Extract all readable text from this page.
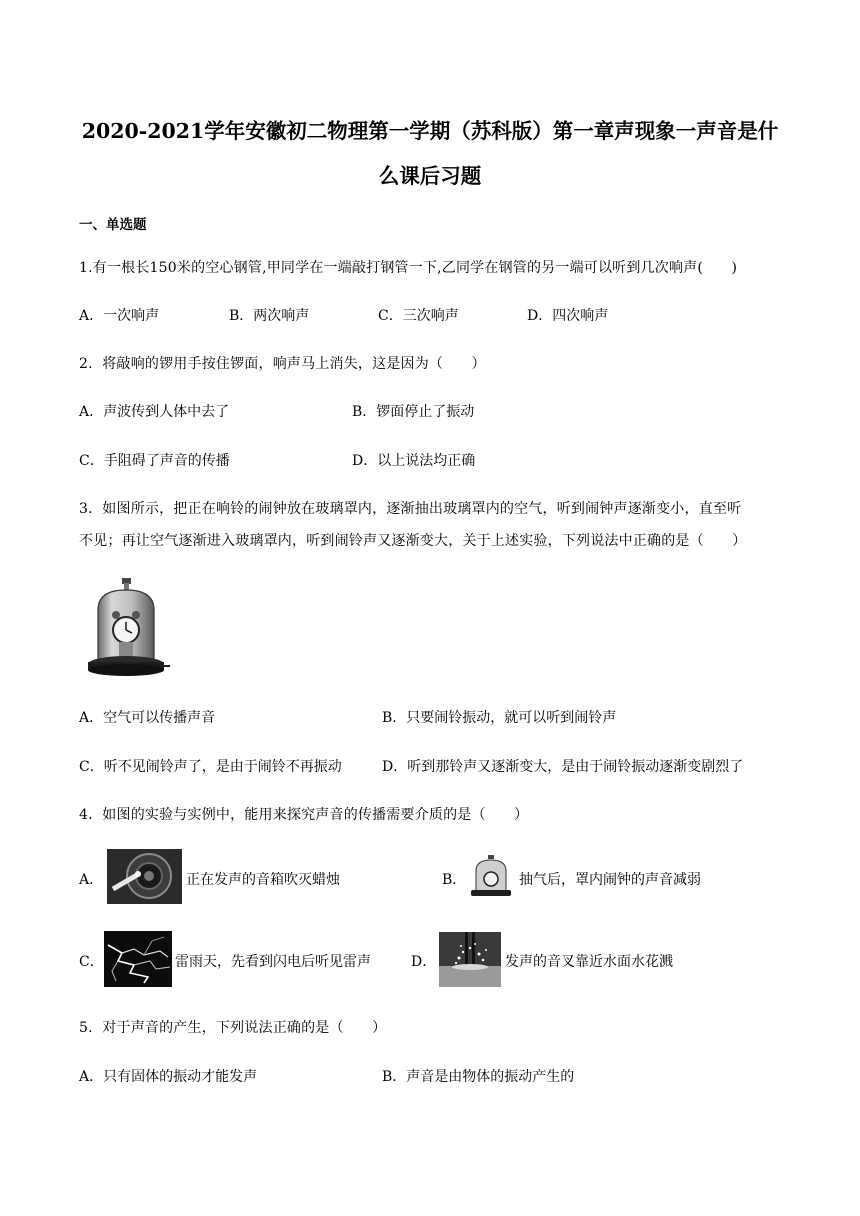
2020-2021学年安徽初二物理第一学期（苏科版）第一章声现象一声音是什
么课后习题
一、单选题
1.有一根长150米的空心钢管,甲同学在一端敲打钢管一下,乙同学在钢管的另一端可以听到几次响声(　　)
A．一次响声	B．两次响声	C．三次响声	D．四次响声
2．将敲响的锣用手按住锣面，响声马上消失，这是因为（　　）
A．声波传到人体中去了	B．锣面停止了振动
C．手阻碍了声音的传播	D．以上说法均正确
3．如图所示，把正在响铃的闹钟放在玻璃罩内，逐渐抽出玻璃罩内的空气，听到闹钟声逐渐变小，直至听
不见；再让空气逐渐进入玻璃罩内，听到闹铃声又逐渐变大，关于上述实验，下列说法中正确的是（　　）
A．空气可以传播声音	B．只要闹铃振动，就可以听到闹铃声
C．听不见闹铃声了，是由于闹铃不再振动	D．听到那铃声又逐渐变大，是由于闹铃振动逐渐变剧烈了
4．如图的实验与实例中，能用来探究声音的传播需要介质的是（　　）
A．	正在发声的音箱吹灭蜡烛	B．	抽气后，罩内闹钟的声音减弱
C．	雷雨天，先看到闪电后听见雷声	D．	发声的音叉靠近水面水花溅
5．对于声音的产生，下列说法正确的是（　　）
A．只有固体的振动才能发声	B．声音是由物体的振动产生的
